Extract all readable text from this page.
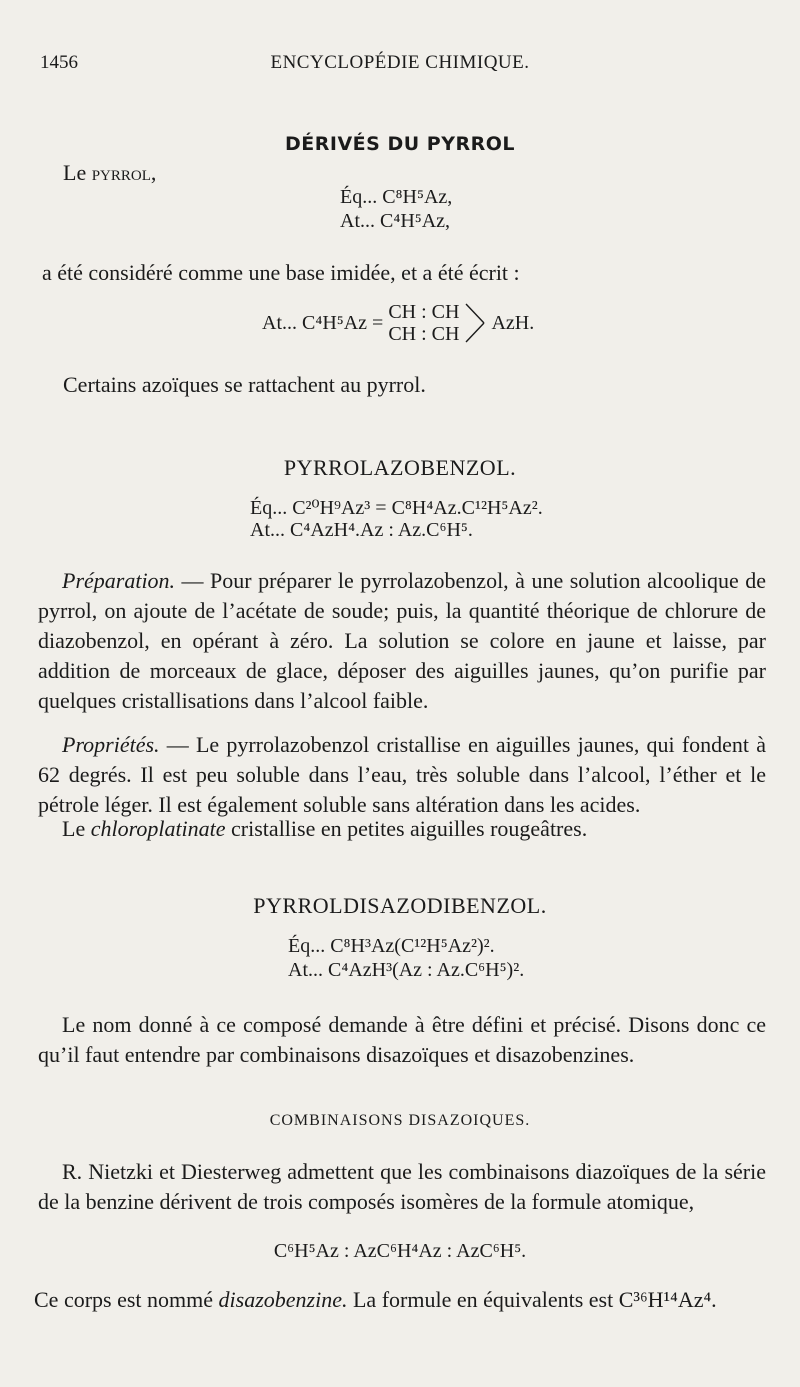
1456	ENCYCLOPÉDIE CHIMIQUE.
DÉRIVÉS DU PYRROL
Le pyrrol,
Éq... C⁸H⁵Az,
At... C⁴H⁵Az,
a été considéré comme une base imidée, et a été écrit :
At... C⁴H⁵Az = CH : CH
CH : CH AzH.
Certains azoïques se rattachent au pyrrol.
PYRROLAZOBENZOL.
Éq... C²⁰H⁹Az³ = C⁸H⁴Az.C¹²H⁵Az².
At... C⁴AzH⁴.Az : Az.C⁶H⁵.
Préparation. — Pour préparer le pyrrolazobenzol, à une solution alcoolique de pyrrol, on ajoute de l’acétate de soude; puis, la quantité théorique de chlorure de diazobenzol, en opérant à zéro. La solution se colore en jaune et laisse, par addition de morceaux de glace, déposer des aiguilles jaunes, qu’on purifie par quelques cristallisations dans l’alcool faible.
Propriétés. — Le pyrrolazobenzol cristallise en aiguilles jaunes, qui fondent à 62 degrés. Il est peu soluble dans l’eau, très soluble dans l’alcool, l’éther et le pétrole léger. Il est également soluble sans altération dans les acides.
Le chloroplatinate cristallise en petites aiguilles rougeâtres.
PYRROLDISAZODIBENZOL.
Éq... C⁸H³Az(C¹²H⁵Az²)².
At... C⁴AzH³(Az : Az.C⁶H⁵)².
Le nom donné à ce composé demande à être défini et précisé. Disons donc ce qu’il faut entendre par combinaisons disazoïques et disazobenzines.
COMBINAISONS DISAZOIQUES.
R. Nietzki et Diesterweg admettent que les combinaisons diazoïques de la série de la benzine dérivent de trois composés isomères de la formule atomique,
C⁶H⁵Az : AzC⁶H⁴Az : AzC⁶H⁵.
Ce corps est nommé disazobenzine. La formule en équivalents est C³⁶H¹⁴Az⁴.
